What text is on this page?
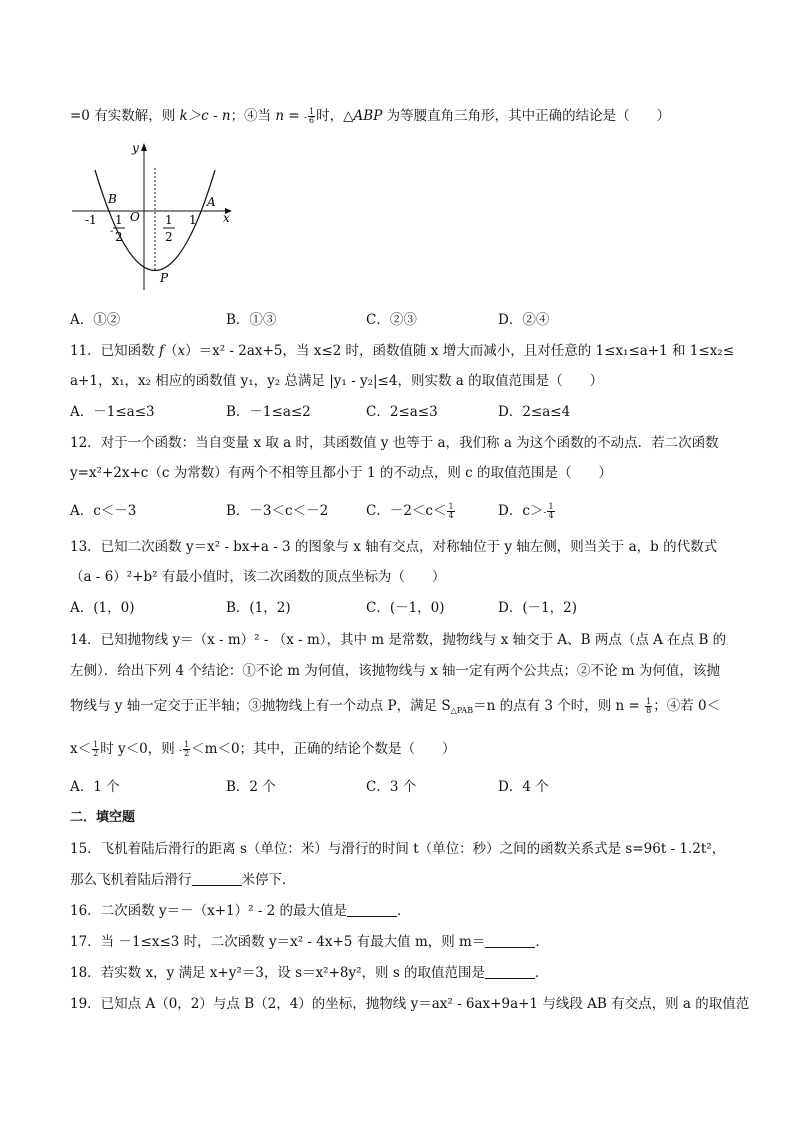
=0 有实数解，则 k＞c - n；④当 n = - $\frac{1}{6}$ 时，△ABP 为等腰直角三角形，其中正确的结论是（　　）
y
x
O
B	A
P
-1	1
-
1
2
1
2
A．①②	B．①③	C．②③	D．②④
11．已知函数 f（x）＝x² - 2ax+5，当 x≤2 时，函数值随 x 增大而减小，且对任意的 1≤x₁≤a+1 和 1≤x₂≤
a+1，x₁，x₂ 相应的函数值 y₁，y₂ 总满足 |y₁ - y₂|≤4，则实数 a 的取值范围是（　　）
A．－1≤a≤3	B．－1≤a≤2	C．2≤a≤3	D．2≤a≤4
12．对于一个函数：当自变量 x 取 a 时，其函数值 y 也等于 a，我们称 a 为这个函数的不动点．若二次函数
y=x²+2x+c（c 为常数）有两个不相等且都小于 1 的不动点，则 c 的取值范围是（　　）
A．c＜－3	B．－3＜c＜－2	C．$-2<c< \frac{1}{4}$	D．$c>- \frac{1}{4}$
13．已知二次函数 y＝x² - bx+a - 3 的图象与 x 轴有交点，对称轴位于 y 轴左侧，则当关于 a，b 的代数式
（a - 6）²+b² 有最小值时，该二次函数的顶点坐标为（　　）
A．(1，0)	B．(1，2)	C．(－1，0)	D．(－1，2)
14．已知抛物线 y＝（x - m）² - （x - m），其中 m 是常数，抛物线与 x 轴交于 A、B 两点（点 A 在点 B 的
左侧）．给出下列 4 个结论：①不论 m 为何值，该抛物线与 x 轴一定有两个公共点；②不论 m 为何值，该抛
物线与 y 轴一定交于正半轴；③抛物线上有一个动点 P，满足 $S_{\triangle PAB}=n$ 的点有 3 个时，则 $n = \frac{1}{8}$ ；④若 0＜
$x< \frac{1}{2}$ 时 y＜0，则 - $\frac{1}{2} <m<0$；其中，正确的结论个数是（　　）
A．1 个	B．2 个	C．3 个	D．4 个
二．填空题
15．飞机着陆后滑行的距离 s（单位：米）与滑行的时间 t（单位：秒）之间的函数关系式是 s=96t - 1.2t²，
那么飞机着陆后滑行	米停下．
16．二次函数 y＝－（x+1）² - 2 的最大值是	．
17．当 －1≤x≤3 时，二次函数 y＝x² - 4x+5 有最大值 m，则 m＝	．
18．若实数 x，y 满足 x+y²＝3，设 s＝x²+8y²，则 s 的取值范围是	．
19．已知点 A（0，2）与点 B（2，4）的坐标，抛物线 y＝ax² - 6ax+9a+1 与线段 AB 有交点，则 a 的取值范
